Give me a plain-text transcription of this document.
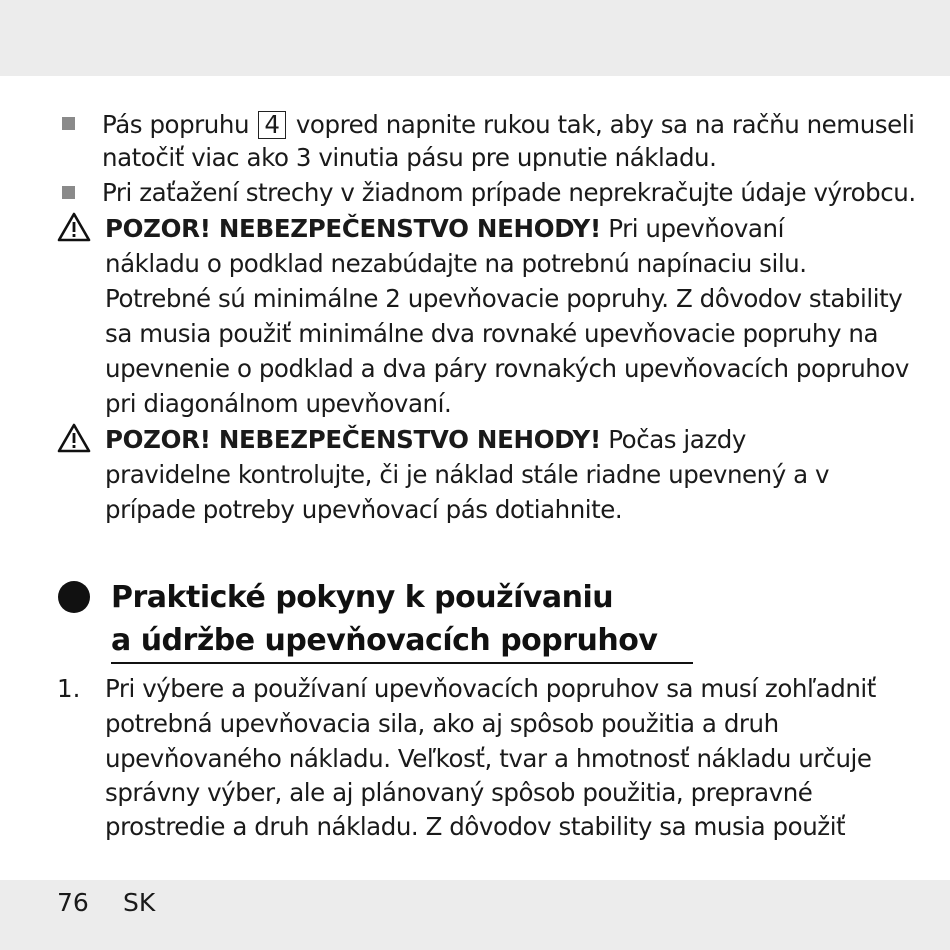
Pás popruhu 4 vopred napnite rukou tak, aby sa na račňu nemuseli
natočiť viac ako 3 vinutia pásu pre upnutie nákladu.
Pri zaťažení strechy v žiadnom prípade neprekračujte údaje výrobcu.
POZOR! NEBEZPEČENSTVO NEHODY! Pri upevňovaní
nákladu o podklad nezabúdajte na potrebnú napínaciu silu.
Potrebné sú minimálne 2 upevňovacie popruhy. Z dôvodov stability
sa musia použiť minimálne dva rovnaké upevňovacie popruhy na
upevnenie o podklad a dva páry rovnakých upevňovacích popruhov
pri diagonálnom upevňovaní.
POZOR! NEBEZPEČENSTVO NEHODY! Počas jazdy
pravidelne kontrolujte, či je náklad stále riadne upevnený a v
prípade potreby upevňovací pás dotiahnite.
Praktické pokyny k používaniu
a údržbe upevňovacích popruhov
1. Pri výbere a používaní upevňovacích popruhov sa musí zohľadniť
potrebná upevňovacia sila, ako aj spôsob použitia a druh
upevňovaného nákladu. Veľkosť, tvar a hmotnosť nákladu určuje
správny výber, ale aj plánovaný spôsob použitia, prepravné
prostredie a druh nákladu. Z dôvodov stability sa musia použiť
76 SK
